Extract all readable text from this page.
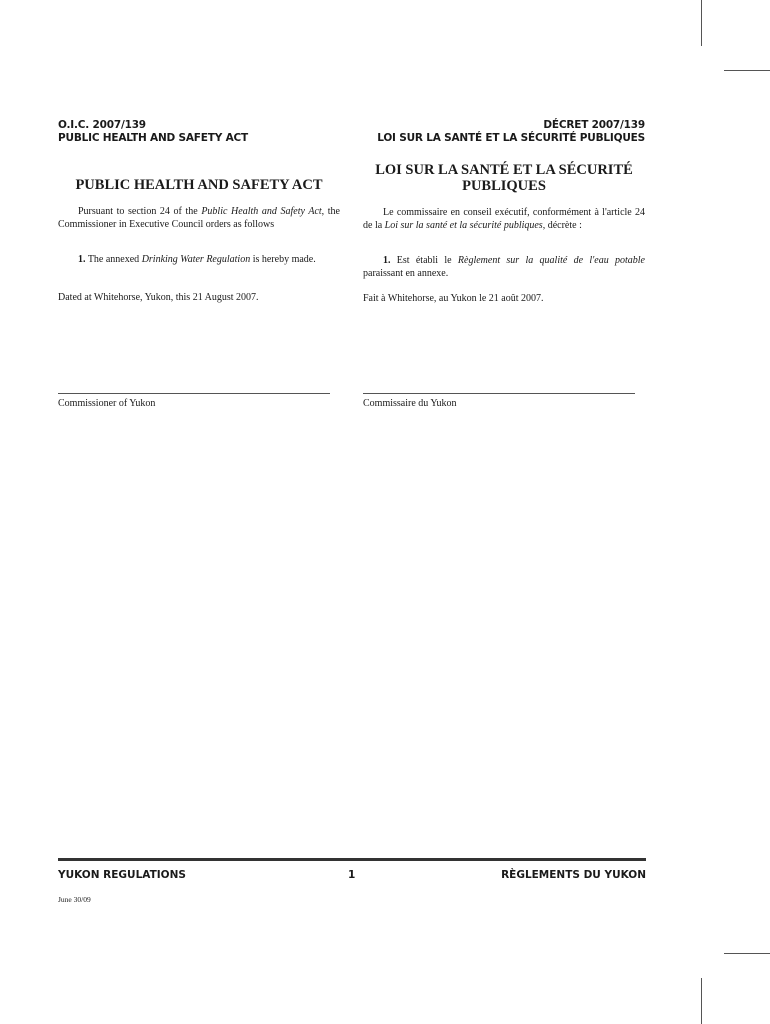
O.I.C. 2007/139
PUBLIC HEALTH AND SAFETY ACT
DÉCRET 2007/139
LOI SUR LA SANTÉ ET LA SÉCURITÉ PUBLIQUES
PUBLIC HEALTH AND SAFETY ACT

Pursuant to section 24 of the Public Health and Safety Act, the Commissioner in Executive Council orders as follows

1. The annexed Drinking Water Regulation is hereby made.

Dated at Whitehorse, Yukon, this 21 August 2007.

LOI SUR LA SANTÉ ET LA SÉCURITÉ PUBLIQUES

Le commissaire en conseil exécutif, conformément à l'article 24 de la Loi sur la santé et la sécurité publiques, décrète :

1. Est établi le Règlement sur la qualité de l'eau potable paraissant en annexe.

Fait à Whitehorse, au Yukon le 21 août 2007.

Commissioner of Yukon	Commissaire du Yukon
YUKON REGULATIONS	1	RÈGLEMENTS DU YUKON
June 30/09
